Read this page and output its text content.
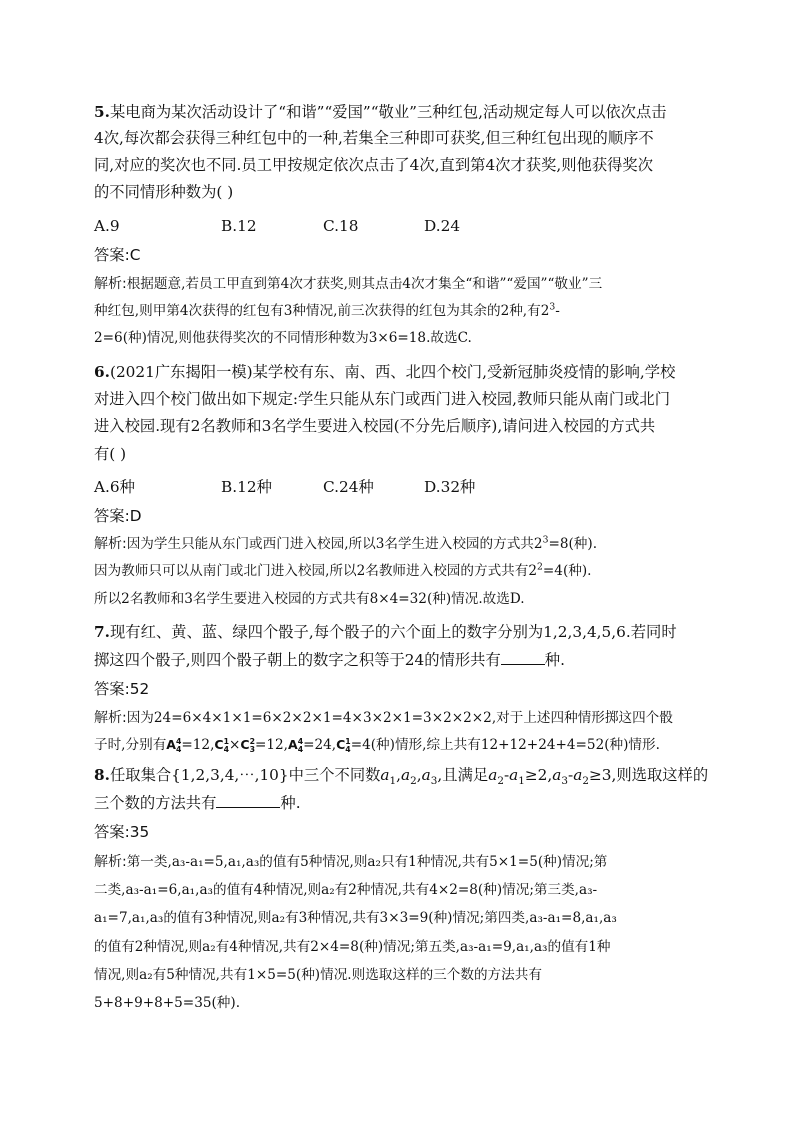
5.某电商为某次活动设计了“和谐”“爱国”“敬业”三种红包,活动规定每人可以依次点击
4次,每次都会获得三种红包中的一种,若集全三种即可获奖,但三种红包出现的顺序不
同,对应的奖次也不同.员工甲按规定依次点击了4次,直到第4次才获奖,则他获得奖次
的不同情形种数为( )
A.9	B.12	C.18	D.24
答案:C
解析:根据题意,若员工甲直到第4次才获奖,则其点击4次才集全“和谐”“爱国”“敬业”三
种红包,则甲第4次获得的红包有3种情况,前三次获得的红包为其余的2种,有$2^3-$
2=6(种)情况,则他获得奖次的不同情形种数为3×6=18.故选C.
6.(2021广东揭阳一模)某学校有东、南、西、北四个校门,受新冠肺炎疫情的影响,学校
对进入四个校门做出如下规定:学生只能从东门或西门进入校园,教师只能从南门或北门
进入校园.现有2名教师和3名学生要进入校园(不分先后顺序),请问进入校园的方式共
有( )
A.6种	B.12种	C.24种	D.32种
答案:D
解析:因为学生只能从东门或西门进入校园,所以3名学生进入校园的方式共$2^3=8$(种).
因为教师只可以从南门或北门进入校园,所以2名教师进入校园的方式共有$2^2=4$(种).
所以2名教师和3名学生要进入校园的方式共有8×4=32(种)情况.故选D.
7.现有红、黄、蓝、绿四个骰子,每个骰子的六个面上的数字分别为1,2,3,4,5,6.若同时
掷这四个骰子,则四个骰子朝上的数字之积等于24的情形共有	种.
答案:52
解析:因为24=6×4×1×1=6×2×2×1=4×3×2×1=3×2×2×2,对于上述四种情形掷这四个骰
子时,分别有A 4
4 =12,C 1
4 ×C 2
3 =12,A 4
4 =24,C 1
4 =4(种)情形,综上共有12+12+24+4=52(种)情形.
8.任取集合{1,2,3,4,⋯,10}中三个不同数$a_1,a_2,a_3$,且满足$a_2-a_1\ge 2,a_3-a_2\ge 3$,则选取这样的
三个数的方法共有	种.
答案:35
解析:第一类,a₃-a₁=5,a₁,a₃的值有5种情况,则a₂只有1种情况,共有5×1=5(种)情况;第
二类,a₃-a₁=6,a₁,a₃的值有4种情况,则a₂有2种情况,共有4×2=8(种)情况;第三类,a₃-
a₁=7,a₁,a₃的值有3种情况,则a₂有3种情况,共有3×3=9(种)情况;第四类,a₃-a₁=8,a₁,a₃
的值有2种情况,则a₂有4种情况,共有2×4=8(种)情况;第五类,a₃-a₁=9,a₁,a₃的值有1种
情况,则a₂有5种情况,共有1×5=5(种)情况.则选取这样的三个数的方法共有
5+8+9+8+5=35(种).
